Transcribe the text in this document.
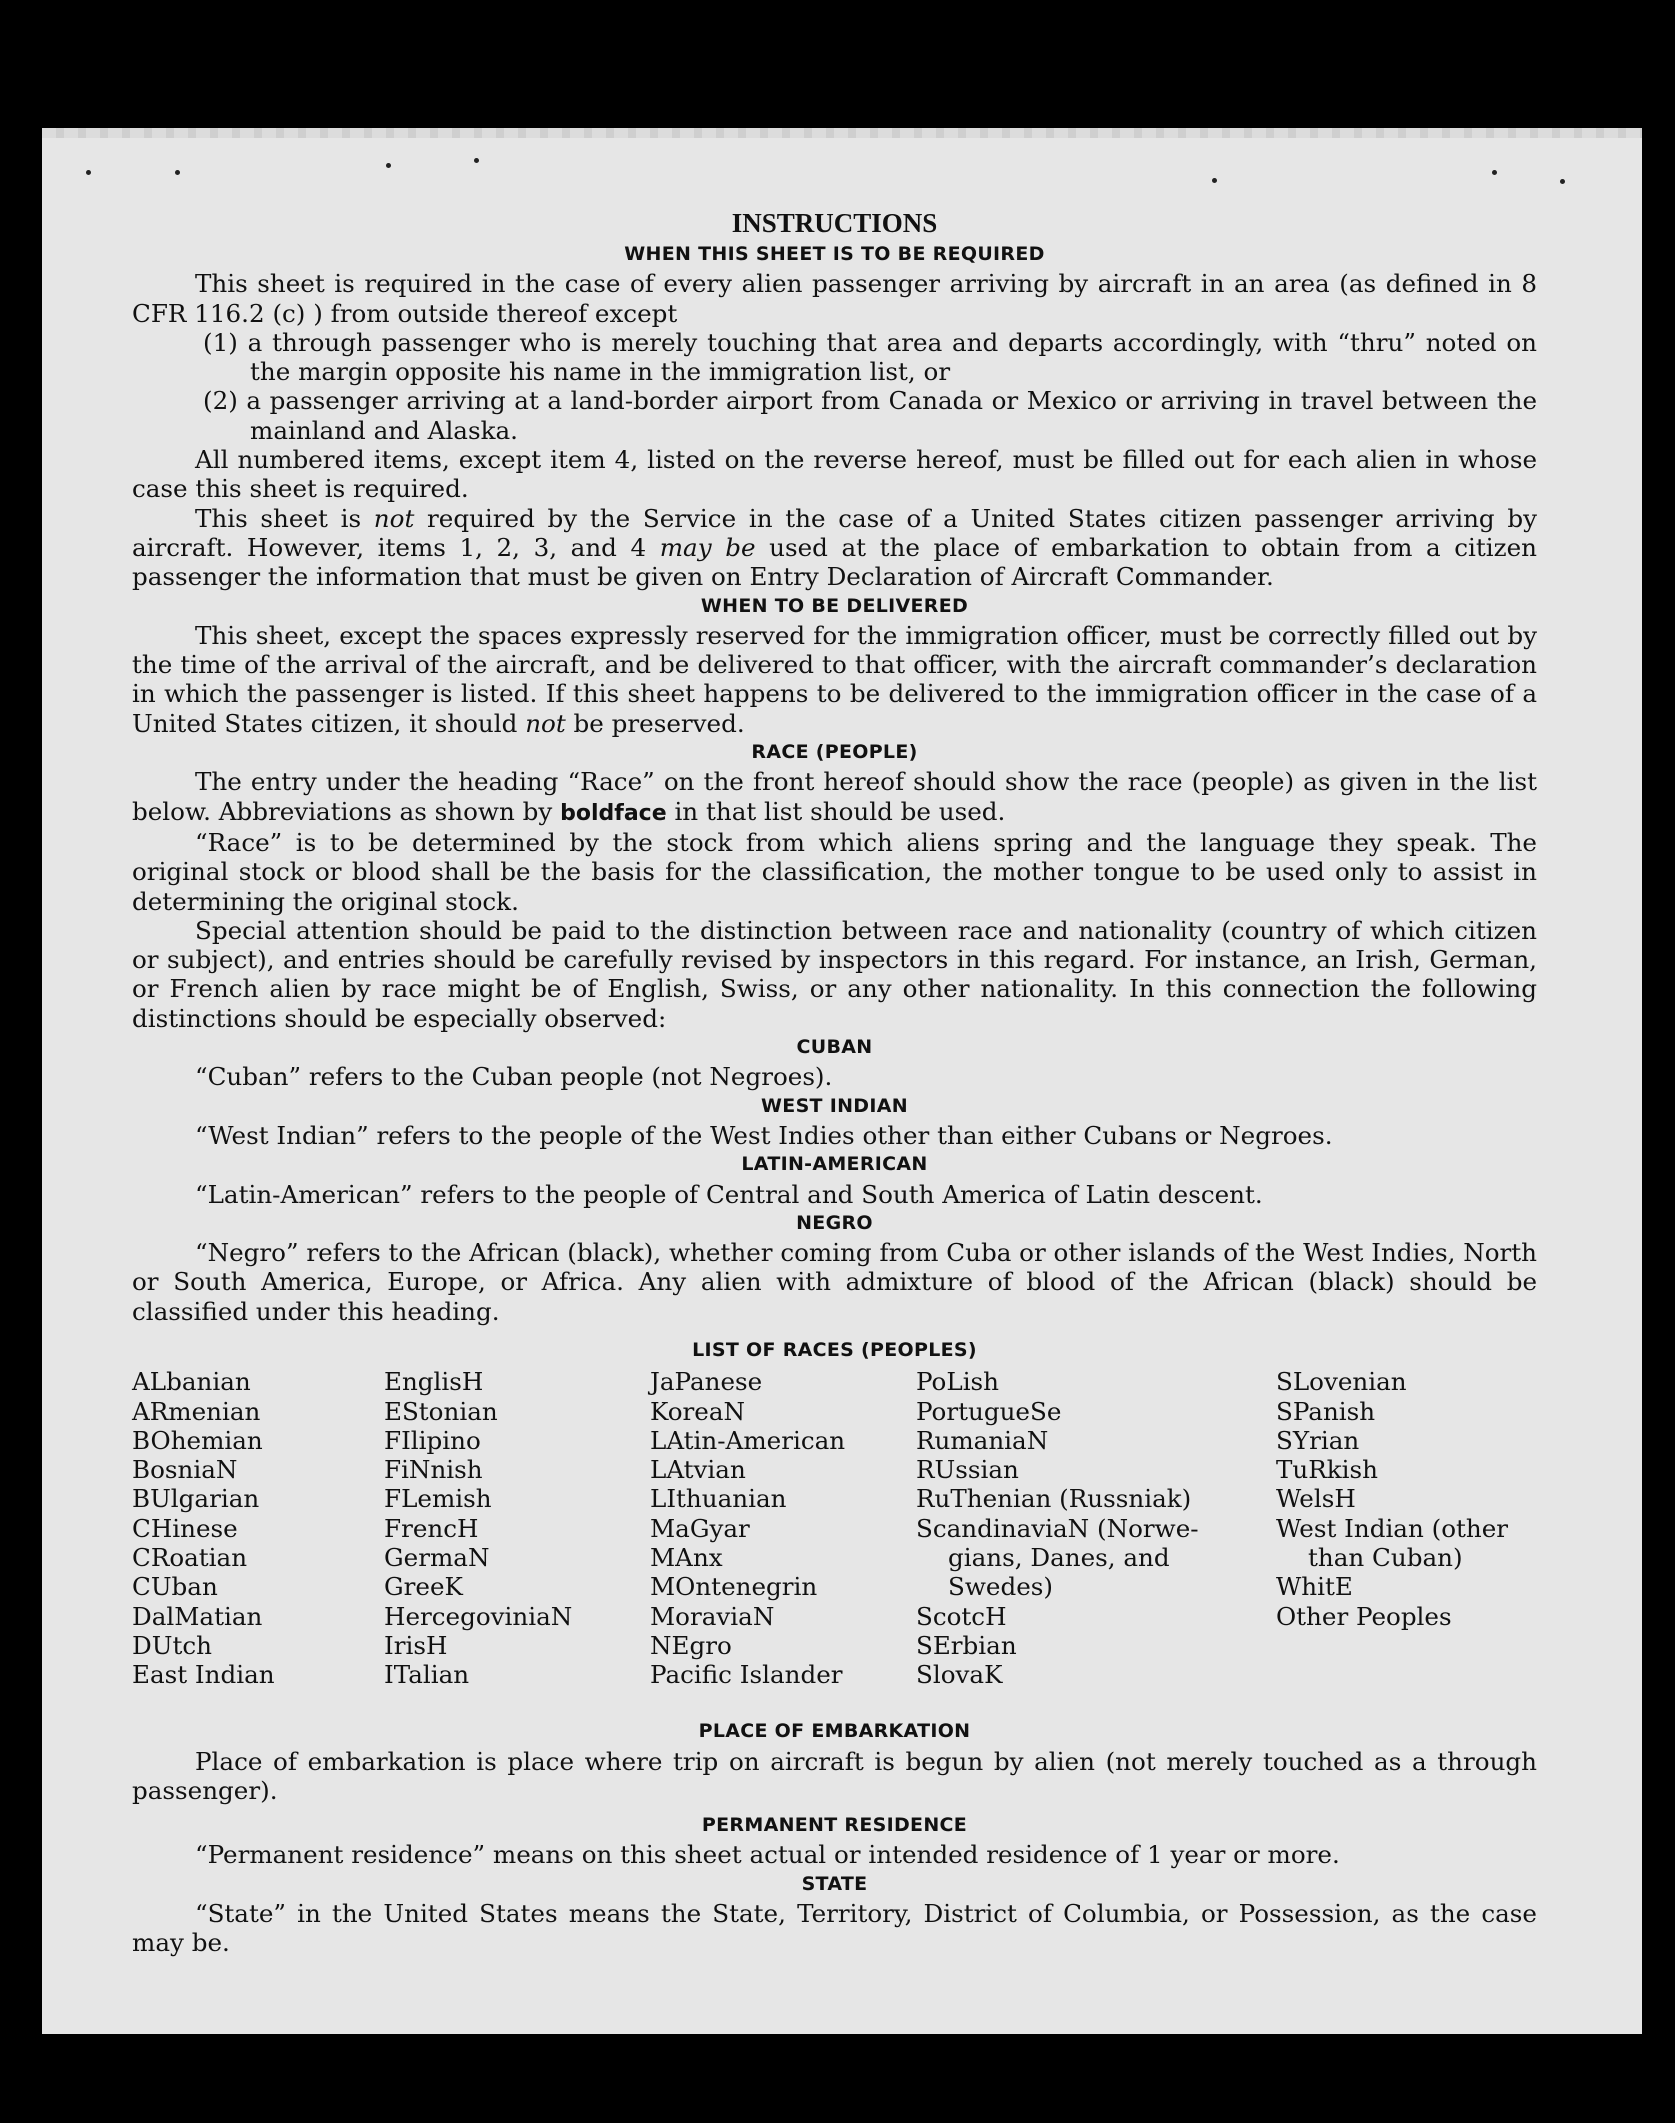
INSTRUCTIONS
WHEN THIS SHEET IS TO BE REQUIRED

This sheet is required in the case of every alien passenger arriving by aircraft in an area (as defined in 8 CFR 116.2 (c) ) from outside thereof except

(1) a through passenger who is merely touching that area and departs accordingly, with “thru” noted on the margin opposite his name in the immigration list, or

(2) a passenger arriving at a land-border airport from Canada or Mexico or arriving in travel between the mainland and Alaska.

All numbered items, except item 4, listed on the reverse hereof, must be filled out for each alien in whose case this sheet is required.

This sheet is not required by the Service in the case of a United States citizen passenger arriving by aircraft. However, items 1, 2, 3, and 4 may be used at the place of embarkation to obtain from a citizen passenger the information that must be given on Entry Declaration of Aircraft Commander.

WHEN TO BE DELIVERED

This sheet, except the spaces expressly reserved for the immigration officer, must be correctly filled out by the time of the arrival of the aircraft, and be delivered to that officer, with the aircraft commander’s declaration in which the passenger is listed. If this sheet happens to be delivered to the immigration officer in the case of a United States citizen, it should not be preserved.

RACE (PEOPLE)

The entry under the heading “Race” on the front hereof should show the race (people) as given in the list below. Abbreviations as shown by boldface in that list should be used.

“Race” is to be determined by the stock from which aliens spring and the language they speak. The original stock or blood shall be the basis for the classification, the mother tongue to be used only to assist in determining the original stock.

Special attention should be paid to the distinction between race and nationality (country of which citizen or subject), and entries should be carefully revised by inspectors in this regard. For instance, an Irish, German, or French alien by race might be of English, Swiss, or any other nationality. In this connection the following distinctions should be especially observed:

CUBAN
“Cuban” refers to the Cuban people (not Negroes).
WEST INDIAN
“West Indian” refers to the people of the West Indies other than either Cubans or Negroes.
LATIN-AMERICAN
“Latin-American” refers to the people of Central and South America of Latin descent.
NEGRO

“Negro” refers to the African (black), whether coming from Cuba or other islands of the West Indies, North or South America, Europe, or Africa. Any alien with admixture of blood of the African (black) should be classified under this heading.

LIST OF RACES (PEOPLES)
ALbanian
ARmenian
BOhemian
BosniaN
BUlgarian
CHinese
CRoatian
CUban
DalMatian
DUtch
East Indian
EnglisH
EStonian
FIlipino
FiNnish
FLemish
FrencH
GermaN
GreeK
HercegoviniaN
IrisH
ITalian
JaPanese
KoreaN
LAtin-American
LAtvian
LIthuanian
MaGyar
MAnx
MOntenegrin
MoraviaN
NEgro
Pacific Islander
PoLish
PortugueSe
RumaniaN
RUssian
RuThenian (Russniak)
ScandinaviaN (Norwe-
gians, Danes, and
Swedes)
ScotcH
SErbian
SlovaK
SLovenian
SPanish
SYrian
TuRkish
WelsH
West Indian (other
than Cuban)
WhitE
Other Peoples
PLACE OF EMBARKATION

Place of embarkation is place where trip on aircraft is begun by alien (not merely touched as a through passenger).

PERMANENT RESIDENCE
“Permanent residence” means on this sheet actual or intended residence of 1 year or more.
STATE

“State” in the United States means the State, Territory, District of Columbia, or Possession, as the case may be.
